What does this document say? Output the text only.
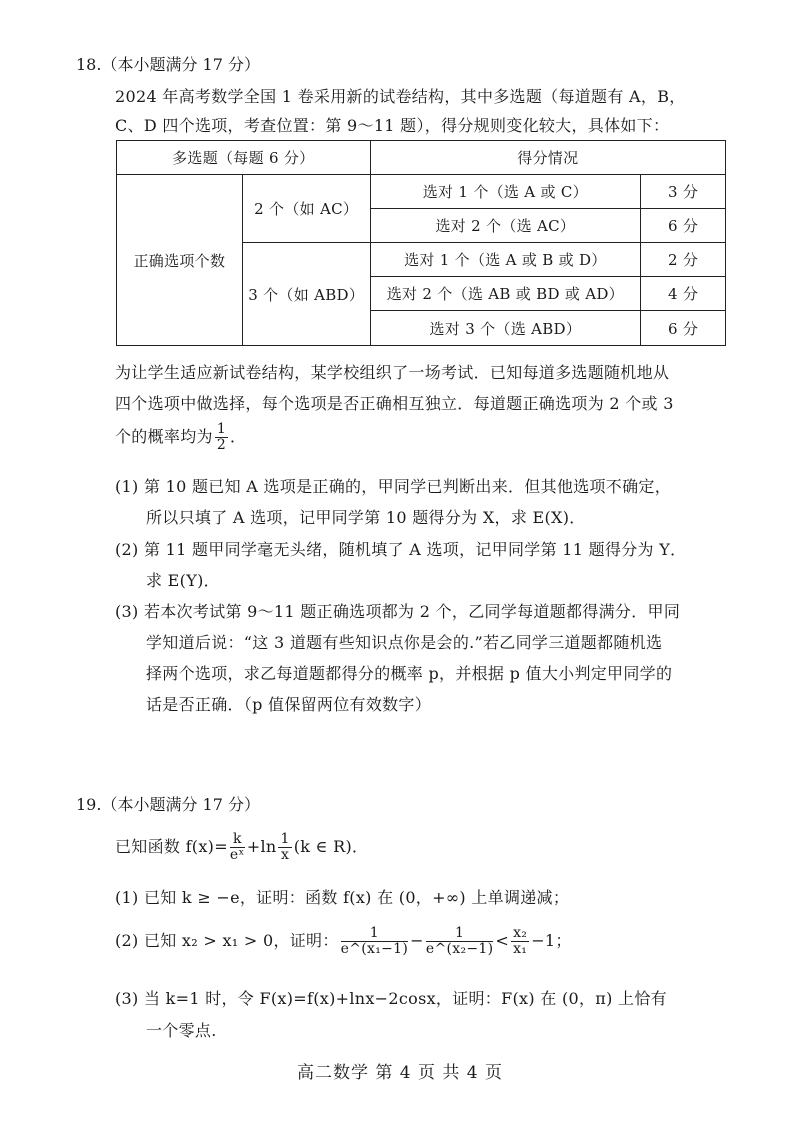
18.（本小题满分 17 分）
2024 年高考数学全国 1 卷采用新的试卷结构，其中多选题（每道题有 A，B，
C、D 四个选项，考查位置：第 9～11 题），得分规则变化较大，具体如下：
多选题（每题 6 分）		得分情况	
正确选项个数	2 个（如 AC）	选对 1 个（选 A 或 C）	3 分
		选对 2 个（选 AC）	6 分
	3 个（如 ABD）	选对 1 个（选 A 或 B 或 D）	2 分
		选对 2 个（选 AB 或 BD 或 AD）	4 分
		选对 3 个（选 ABD）	6 分
为让学生适应新试卷结构，某学校组织了一场考试．已知每道多选题随机地从
四个选项中做选择，每个选项是否正确相互独立．每道题正确选项为 2 个或 3
个的概率均为 $\frac{1}{2}$ ．
(1) 第 10 题已知 A 选项是正确的，甲同学已判断出来．但其他选项不确定，
所以只填了 A 选项，记甲同学第 10 题得分为 X，求 E(X)．
(2) 第 11 题甲同学毫无头绪，随机填了 A 选项，记甲同学第 11 题得分为 Y．
求 E(Y)．
(3) 若本次考试第 9～11 题正确选项都为 2 个，乙同学每道题都得满分．甲同
学知道后说：“这 3 道题有些知识点你是会的.”若乙同学三道题都随机选
择两个选项，求乙每道题都得分的概率 p，并根据 p 值大小判定甲同学的
话是否正确．（p 值保留两位有效数字）
19.（本小题满分 17 分）
已知函数 $f(x)= \frac{k}{\text{eˣ}} +\ln \frac{1}{x} (k$ ∈ R)．
(1) 已知 k ≥ −e，证明：函数 f(x) 在 (0，+∞) 上单调递减；
(2) 已知 x₂ > x₁ > 0，证明： $\frac{1}{\text{e\textasciicircum{}(x₁−1)}} - \frac{1}{\text{e\textasciicircum{}(x₂−1)}} < \frac{\text{x₂}}{\text{x₁}} -1$；
(3) 当 k=1 时，令 F(x)=f(x)+lnx−2cosx，证明：F(x) 在 (0，π) 上恰有
一个零点.
高二数学 第 4 页 共 4 页
